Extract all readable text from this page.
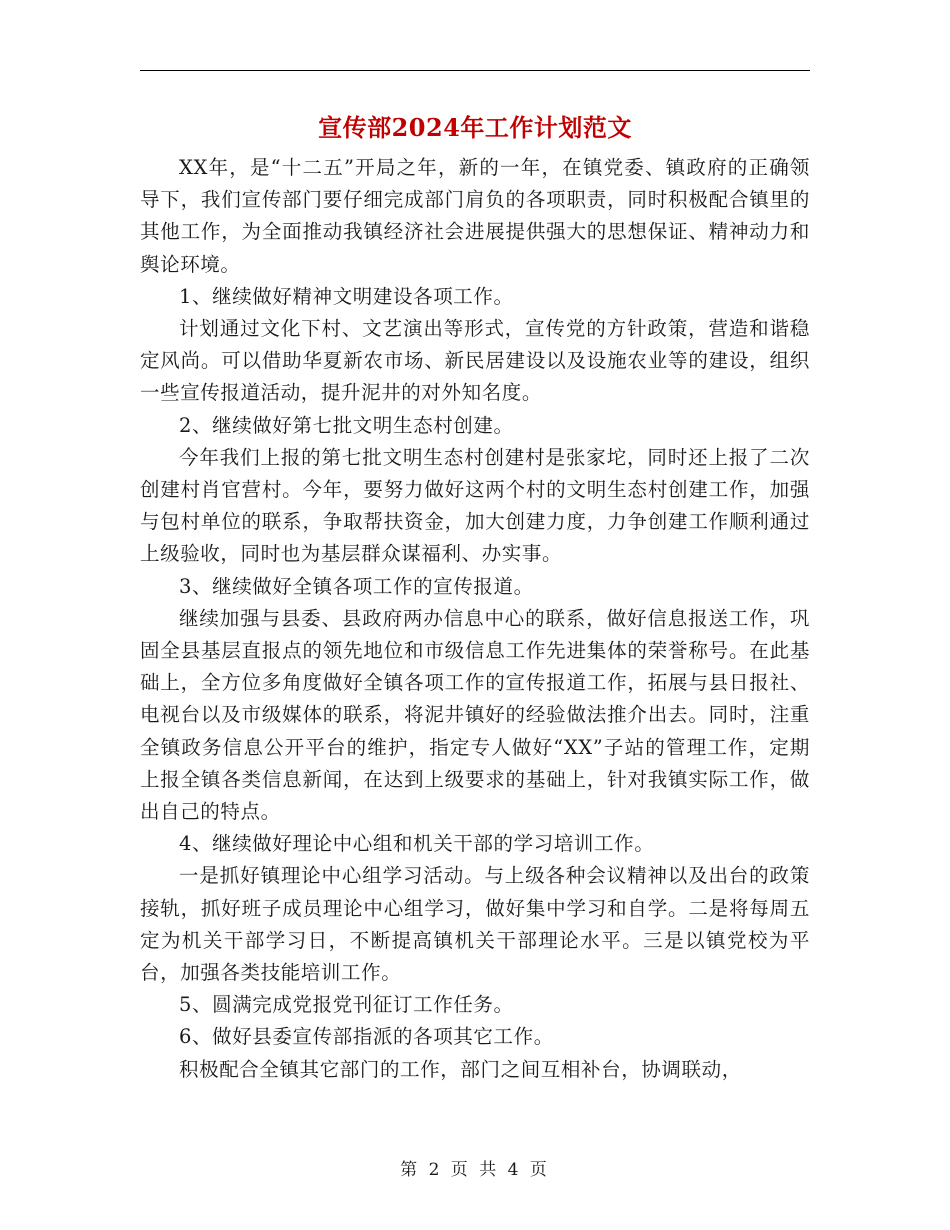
宣传部2024年工作计划范文

XX年，是“十二五”开局之年，新的一年，在镇党委、镇政府的正确领导下，我们宣传部门要仔细完成部门肩负的各项职责，同时积极配合镇里的其他工作，为全面推动我镇经济社会进展提供强大的思想保证、精神动力和舆论环境。

1、继续做好精神文明建设各项工作。

计划通过文化下村、文艺演出等形式，宣传党的方针政策，营造和谐稳定风尚。可以借助华夏新农市场、新民居建设以及设施农业等的建设，组织一些宣传报道活动，提升泥井的对外知名度。

2、继续做好第七批文明生态村创建。

今年我们上报的第七批文明生态村创建村是张家坨，同时还上报了二次创建村肖官营村。今年，要努力做好这两个村的文明生态村创建工作，加强与包村单位的联系，争取帮扶资金，加大创建力度，力争创建工作顺利通过上级验收，同时也为基层群众谋福利、办实事。

3、继续做好全镇各项工作的宣传报道。

继续加强与县委、县政府两办信息中心的联系，做好信息报送工作，巩固全县基层直报点的领先地位和市级信息工作先进集体的荣誉称号。在此基础上，全方位多角度做好全镇各项工作的宣传报道工作，拓展与县日报社、电视台以及市级媒体的联系，将泥井镇好的经验做法推介出去。同时，注重全镇政务信息公开平台的维护，指定专人做好“XX”子站的管理工作，定期上报全镇各类信息新闻，在达到上级要求的基础上，针对我镇实际工作，做出自己的特点。

4、继续做好理论中心组和机关干部的学习培训工作。

一是抓好镇理论中心组学习活动。与上级各种会议精神以及出台的政策接轨，抓好班子成员理论中心组学习，做好集中学习和自学。二是将每周五定为机关干部学习日，不断提高镇机关干部理论水平。三是以镇党校为平台，加强各类技能培训工作。

5、圆满完成党报党刊征订工作任务。

6、做好县委宣传部指派的各项其它工作。

积极配合全镇其它部门的工作，部门之间互相补台，协调联动，

第 2 页 共 4 页
